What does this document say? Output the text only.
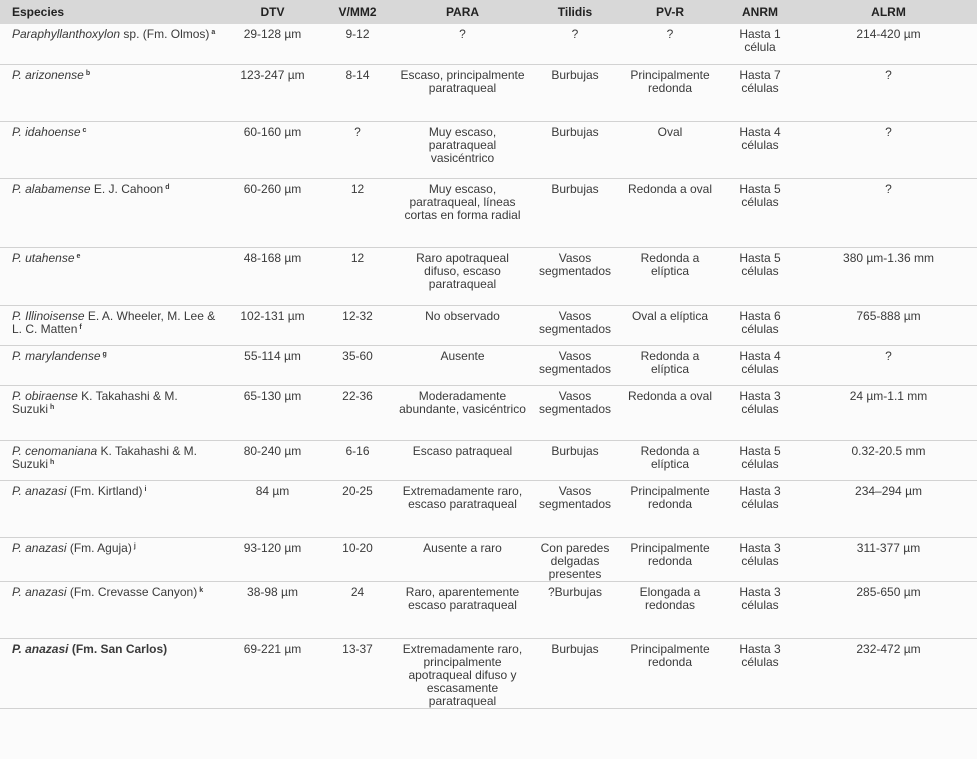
Especies	DTV	V/MM2	PARA	Tilidis	PV-R	ANRM	ALRM
Paraphyllanthoxylon sp. (Fm. Olmos) $^a$	29-128 µm	9-12	?	?	?	Hasta 1 célula	214-420 µm
P. arizonense $^b$	123-247 µm	8-14	Escaso, principalmente paratraqueal	Burbujas	Principalmente redonda	Hasta 7 células	?
P. idahoense $^c$	60-160 µm	?	Muy escaso, paratraqueal vasicéntrico	Burbujas	Oval	Hasta 4 células	?
P. alabamense E. J. Cahoon $^d$	60-260 µm	12	Muy escaso, paratraqueal, líneas cortas en forma radial	Burbujas	Redonda a oval	Hasta 5 células	?
P. utahense $^e$	48-168 µm	12	Raro apotraqueal difuso, escaso paratraqueal	Vasos segmentados	Redonda a elíptica	Hasta 5 células	380 µm-1.36 mm
P. Illinoisense E. A. Wheeler, M. Lee & L. C. Matten $^f$	102-131 µm	12-32	No observado	Vasos segmentados	Oval a elíptica	Hasta 6 células	765-888 µm
P. marylandense $^g$	55-114 µm	35-60	Ausente	Vasos segmentados	Redonda a elíptica	Hasta 4 células	?
P. obiraense K. Takahashi & M. Suzuki $^h$	65-130 µm	22-36	Moderadamente abundante, vasicéntrico	Vasos segmentados	Redonda a oval	Hasta 3 células	24 µm-1.1 mm
P. cenomaniana K. Takahashi & M. Suzuki $^h$	80-240 µm	6-16	Escaso patraqueal	Burbujas	Redonda a elíptica	Hasta 5 células	0.32-20.5 mm
P. anazasi (Fm. Kirtland) $^i$	84 µm	20-25	Extremadamente raro, escaso paratraqueal	Vasos segmentados	Principalmente redonda	Hasta 3 células	234–294 µm
P. anazasi (Fm. Aguja) $^j$	93-120 µm	10-20	Ausente a raro	Con paredes delgadas presentes	Principalmente redonda	Hasta 3 células	311-377 µm
P. anazasi (Fm. Crevasse Canyon) $^k$	38-98 µm	24	Raro, aparentemente escaso paratraqueal	?Burbujas	Elongada a redondas	Hasta 3 células	285-650 µm
P. anazasi (Fm. San Carlos)	69-221 µm	13-37	Extremadamente raro, principalmente apotraqueal difuso y escasamente paratraqueal	Burbujas	Principalmente redonda	Hasta 3 células	232-472 µm
